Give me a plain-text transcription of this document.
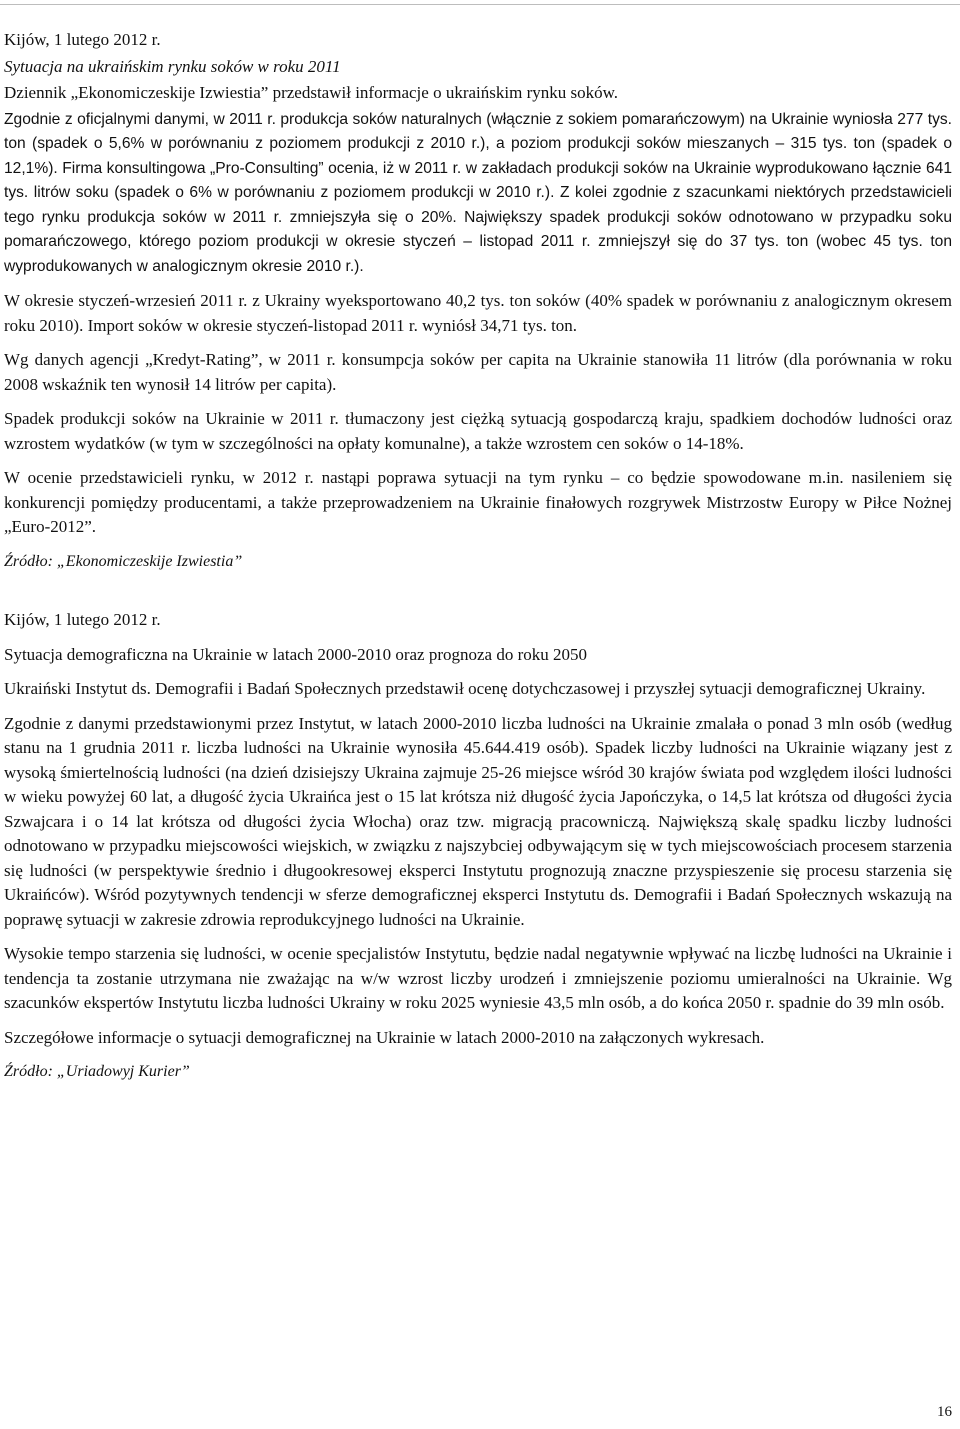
Kijów, 1 lutego 2012 r.

Sytuacja na ukraińskim rynku soków w roku 2011

Dziennik „Ekonomiczeskije Izwiestia” przedstawił informacje o ukraińskim rynku soków.

Zgodnie z oficjalnymi danymi, w 2011 r. produkcja soków naturalnych (włącznie z sokiem pomarańczowym) na Ukrainie wyniosła 277 tys. ton (spadek o 5,6% w porównaniu z poziomem produkcji z 2010 r.), a poziom produkcji soków mieszanych – 315 tys. ton (spadek o 12,1%). Firma konsultingowa „Pro-Consulting” ocenia, iż w 2011 r. w zakładach produkcji soków na Ukrainie wyprodukowano łącznie 641 tys. litrów soku (spadek o 6% w porównaniu z poziomem produkcji w 2010 r.). Z kolei zgodnie z szacunkami niektórych przedstawicieli tego rynku produkcja soków w 2011 r. zmniejszyła się o 20%. Największy spadek produkcji soków odnotowano w przypadku soku pomarańczowego, którego poziom produkcji w okresie styczeń – listopad 2011 r. zmniejszył się do 37 tys. ton (wobec 45 tys. ton wyprodukowanych w analogicznym okresie 2010 r.).

W okresie styczeń-wrzesień 2011 r. z Ukrainy wyeksportowano 40,2 tys. ton soków (40% spadek w porównaniu z analogicznym okresem roku 2010). Import soków w okresie styczeń-listopad 2011 r. wyniósł 34,71 tys. ton.

Wg danych agencji „Kredyt-Rating”, w 2011 r. konsumpcja soków per capita na Ukrainie stanowiła 11 litrów (dla porównania w roku 2008 wskaźnik ten wynosił 14 litrów per capita).

Spadek produkcji soków na Ukrainie w 2011 r. tłumaczony jest ciężką sytuacją gospodarczą kraju, spadkiem dochodów ludności oraz wzrostem wydatków (w tym w szczególności na opłaty komunalne), a także wzrostem cen soków o 14-18%.

W ocenie przedstawicieli rynku, w 2012 r. nastąpi poprawa sytuacji na tym rynku – co będzie spowodowane m.in. nasileniem się konkurencji pomiędzy producentami, a także przeprowadzeniem na Ukrainie finałowych rozgrywek Mistrzostw Europy w Piłce Nożnej „Euro-2012”.

Źródło: „Ekonomiczeskije Izwiestia”

Kijów, 1 lutego 2012 r.

Sytuacja demograficzna na Ukrainie w latach 2000-2010 oraz prognoza do roku 2050

Ukraiński Instytut ds. Demografii i Badań Społecznych przedstawił ocenę dotychczasowej i przyszłej sytuacji demograficznej Ukrainy.

Zgodnie z danymi przedstawionymi przez Instytut, w latach 2000-2010 liczba ludności na Ukrainie zmalała o ponad 3 mln osób (według stanu na 1 grudnia 2011 r. liczba ludności na Ukrainie wynosiła 45.644.419 osób). Spadek liczby ludności na Ukrainie wiązany jest z wysoką śmiertelnością ludności (na dzień dzisiejszy Ukraina zajmuje 25-26 miejsce wśród 30 krajów świata pod względem ilości ludności w wieku powyżej 60 lat, a długość życia Ukraińca jest o 15 lat krótsza niż długość życia Japończyka, o 14,5 lat krótsza od długości życia Szwajcara i o 14 lat krótsza od długości życia Włocha) oraz tzw. migracją pracowniczą. Największą skalę spadku liczby ludności odnotowano w przypadku miejscowości wiejskich, w związku z najszybciej odbywającym się w tych miejscowościach procesem starzenia się ludności (w perspektywie średnio i długookresowej eksperci Instytutu prognozują znaczne przyspieszenie się procesu starzenia się Ukraińców). Wśród pozytywnych tendencji w sferze demograficznej eksperci Instytutu ds. Demografii i Badań Społecznych wskazują na poprawę sytuacji w zakresie zdrowia reprodukcyjnego ludności na Ukrainie.

Wysokie tempo starzenia się ludności, w ocenie specjalistów Instytutu, będzie nadal negatywnie wpływać na liczbę ludności na Ukrainie i tendencja ta zostanie utrzymana nie zważając na w/w wzrost liczby urodzeń i zmniejszenie poziomu umieralności na Ukrainie. Wg szacunków ekspertów Instytutu liczba ludności Ukrainy w roku 2025 wyniesie 43,5 mln osób, a do końca 2050 r. spadnie do 39 mln osób.

Szczegółowe informacje o sytuacji demograficznej na Ukrainie w latach 2000-2010 na załączonych wykresach.

Źródło: „Uriadowyj Kurier”

16
